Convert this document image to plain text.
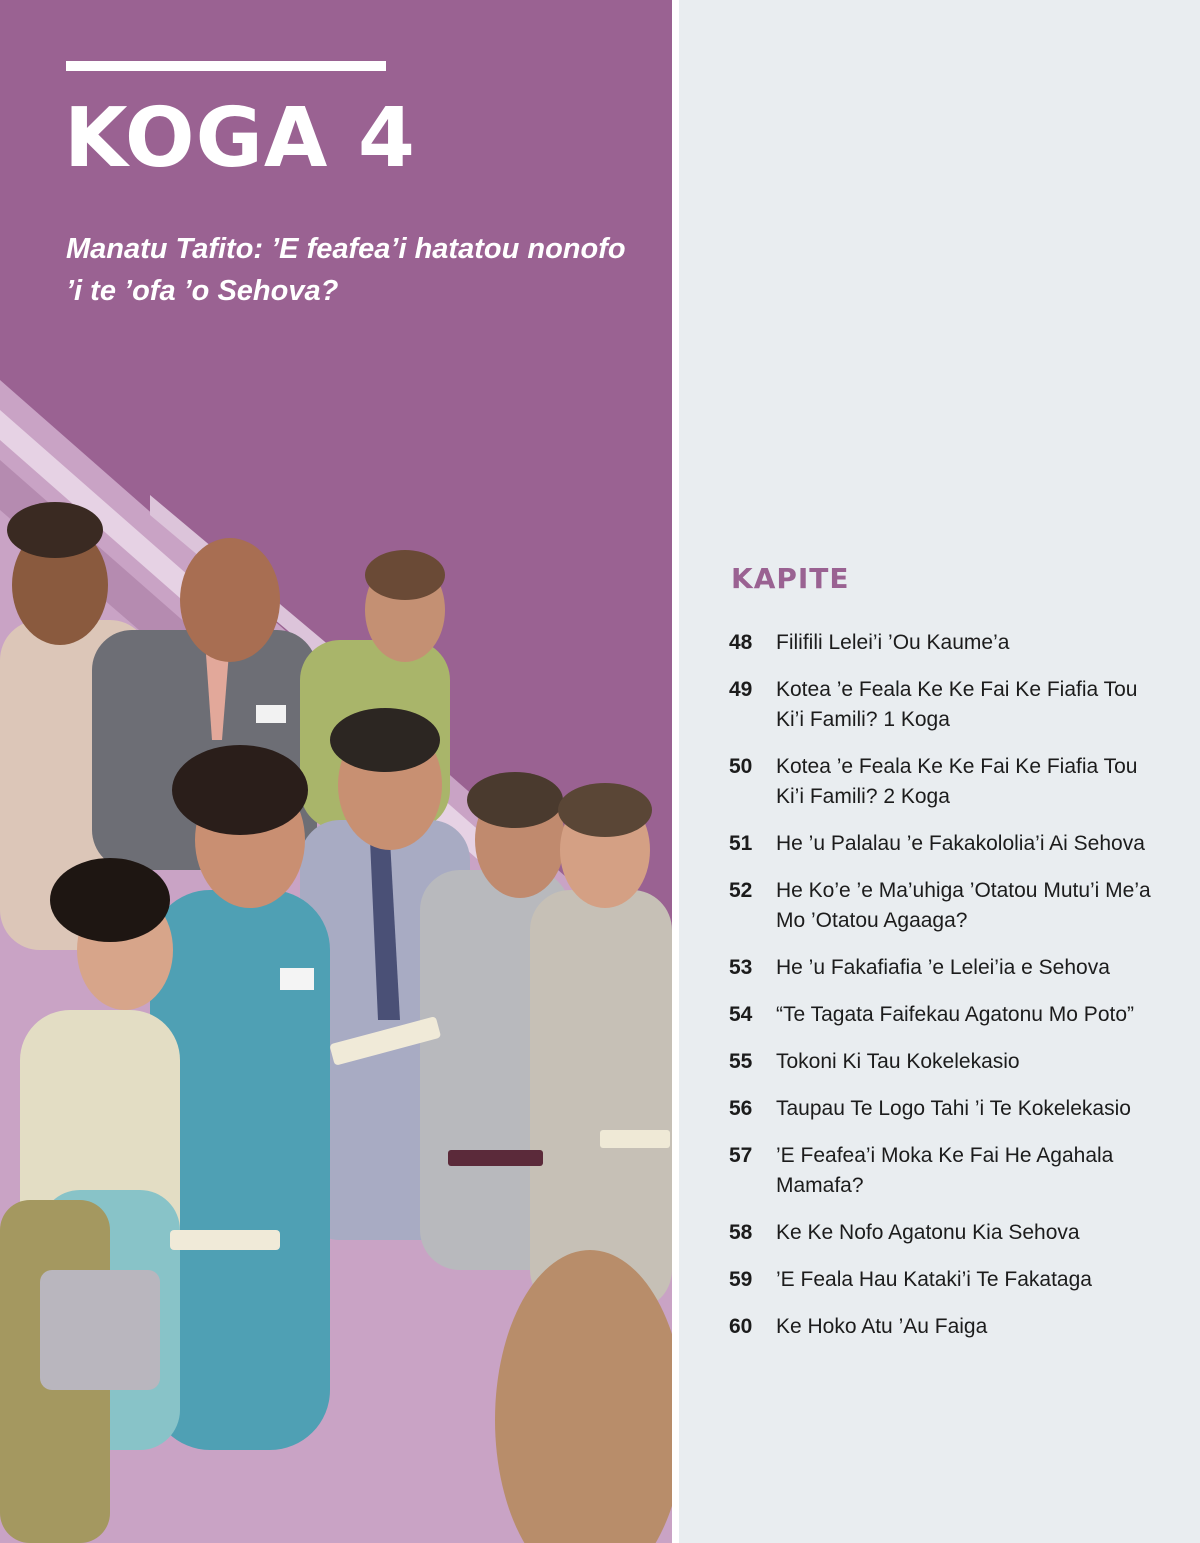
KOGA 4

Manatu Tafito: ’E feafea’i hatatou nonofo ’i te ’ofa ’o Sehova?

KAPITE
48	Filifili Lelei’i ’Ou Kaume’a
49	Kotea ’e Feala Ke Ke Fai Ke Fiafia Tou Ki’i Famili? 1 Koga
50	Kotea ’e Feala Ke Ke Fai Ke Fiafia Tou Ki’i Famili? 2 Koga
51	He ’u Palalau ’e Fakakololia’i Ai Sehova
52	He Ko’e ’e Ma’uhiga ’Otatou Mutu’i Me’a Mo ’Otatou Agaaga?
53	He ’u Fakafiafia ’e Lelei’ia e Sehova
54	“Te Tagata Faifekau Agatonu Mo Poto”
55	Tokoni Ki Tau Kokelekasio
56	Taupau Te Logo Tahi ’i Te Kokelekasio
57	’E Feafea’i Moka Ke Fai He Agahala Mamafa?
58	Ke Ke Nofo Agatonu Kia Sehova
59	’E Feala Hau Kataki’i Te Fakataga
60	Ke Hoko Atu ’Au Faiga
